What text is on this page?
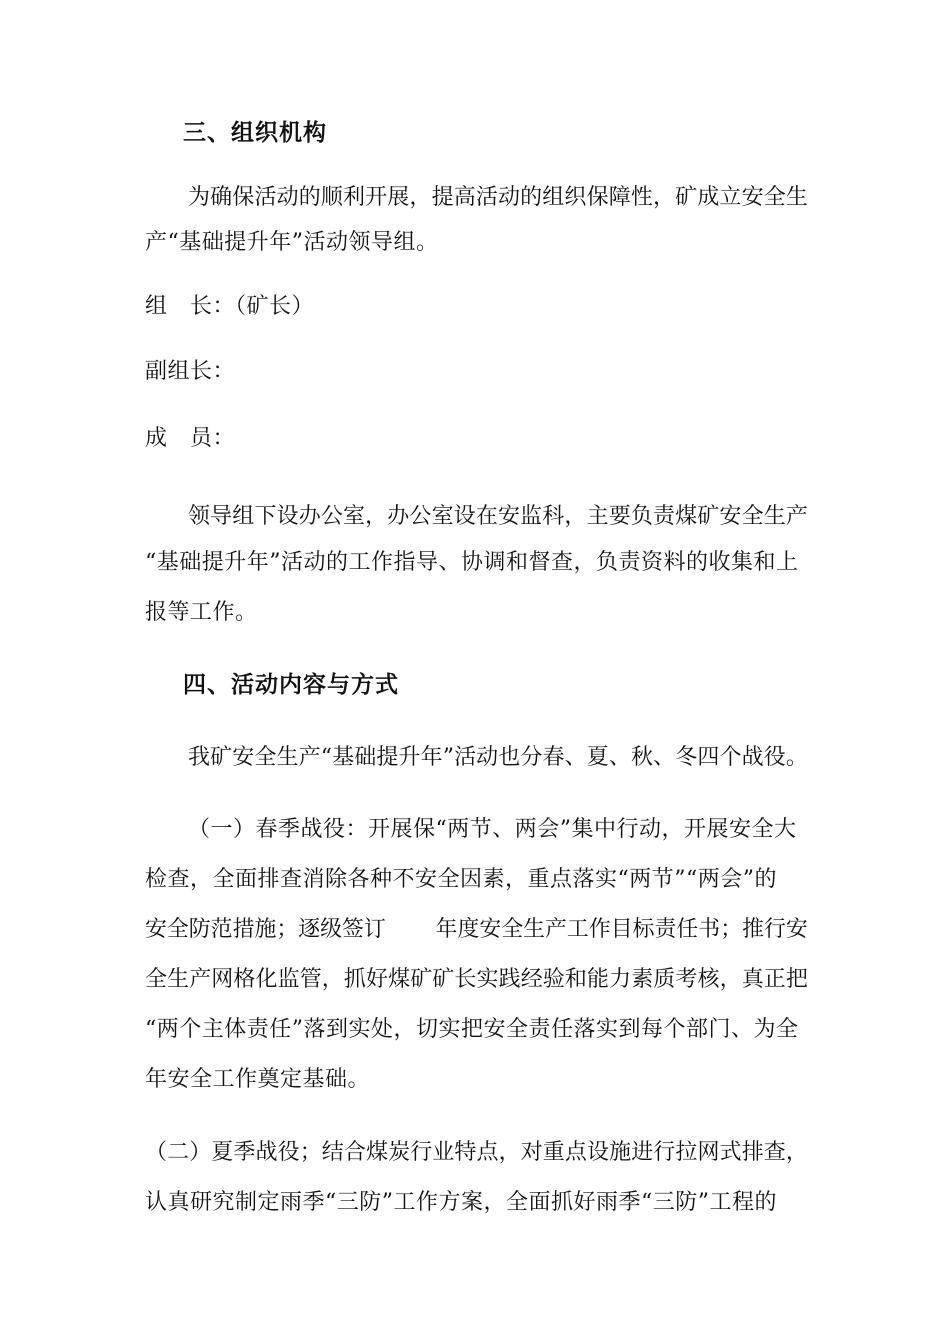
三、组织机构
为确保活动的顺利开展，提高活动的组织保障性，矿成立安全生
产“基础提升年”活动领导组。
组　长：（矿长）
副组长：
成　员：
领导组下设办公室，办公室设在安监科，主要负责煤矿安全生产
“基础提升年”活动的工作指导、协调和督查，负责资料的收集和上
报等工作。
四、活动内容与方式
我矿安全生产“基础提升年”活动也分春、夏、秋、冬四个战役。
（一）春季战役：开展保“两节、两会”集中行动，开展安全大
检查，全面排查消除各种不安全因素，重点落实“两节”“两会”的
安全防范措施；逐级签订 年度安全生产工作目标责任书；推行安
全生产网格化监管，抓好煤矿矿长实践经验和能力素质考核，真正把
“两个主体责任”落到实处，切实把安全责任落实到每个部门、为全
年安全工作奠定基础。
（二）夏季战役；结合煤炭行业特点，对重点设施进行拉网式排查，
认真研究制定雨季“三防”工作方案，全面抓好雨季“三防”工程的
